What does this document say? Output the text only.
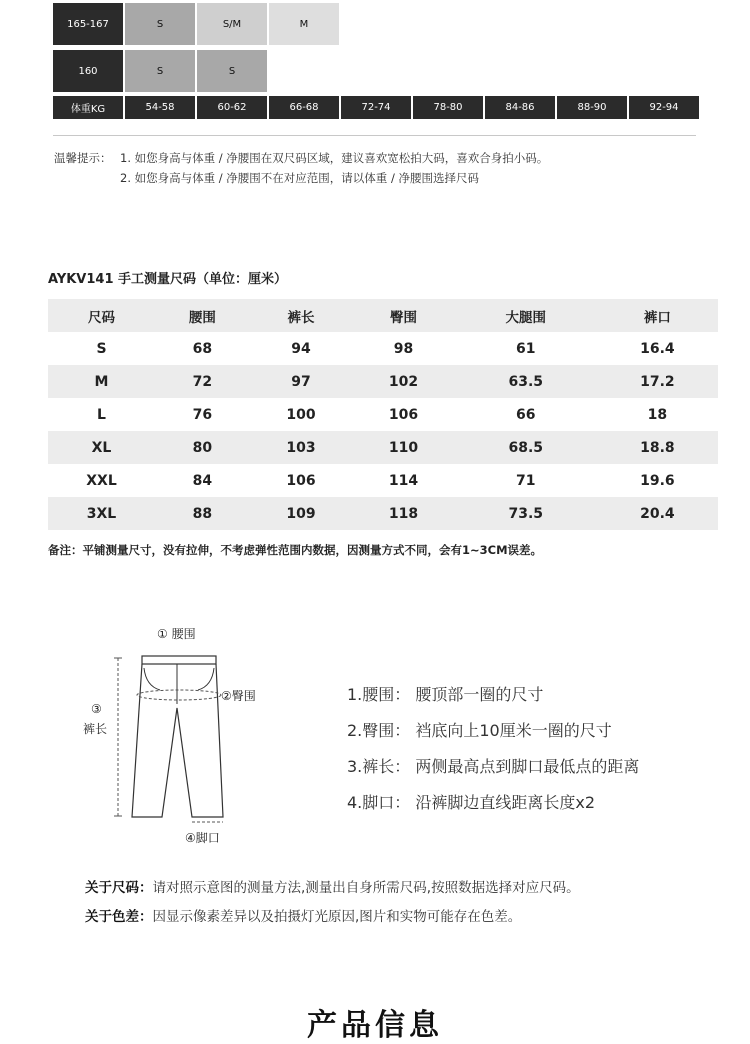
165-167	S	S/M	M
160	S	S
体重KG	54-58	60-62	66-68	72-74	78-80	84-86	88-90	92-94
温馨提示： 1. 如您身高与体重 / 净腰围在双尺码区域，建议喜欢宽松拍大码，喜欢合身拍小码。
2. 如您身高与体重 / 净腰围不在对应范围，请以体重 / 净腰围选择尺码
AYKV141 手工测量尺码（单位：厘米）
尺码	腰围	裤长	臀围	大腿围	裤口
S	68	94	98	61	16.4
M	72	97	102	63.5	17.2
L	76	100	106	66	18
XL	80	103	110	68.5	18.8
XXL	84	106	114	71	19.6
3XL	88	109	118	73.5	20.4
备注：平铺测量尺寸，没有拉伸，不考虑弹性范围内数据，因测量方式不同，会有1~3CM误差。
① 腰围
②臀围
③
裤长
④脚口
1.腰围： 腰顶部一圈的尺寸
2.臀围： 裆底向上10厘米一圈的尺寸
3.裤长： 两侧最高点到脚口最低点的距离
4.脚口： 沿裤脚边直线距离长度x2
关于尺码：请对照示意图的测量方法,测量出自身所需尺码,按照数据选择对应尺码。
关于色差：因显示像素差异以及拍摄灯光原因,图片和实物可能存在色差。
产品信息
